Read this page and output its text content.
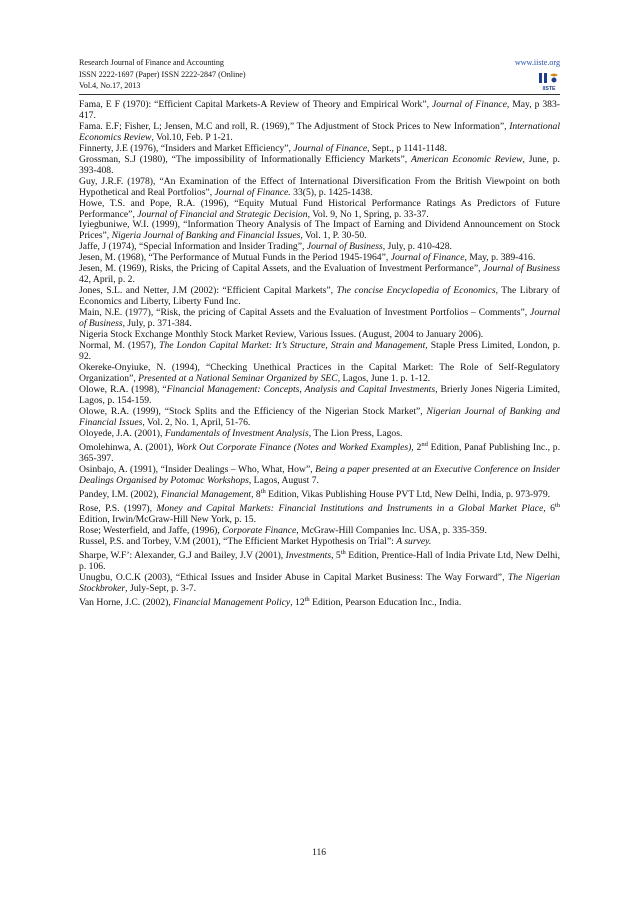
Research Journal of Finance and Accounting
ISSN 2222-1697 (Paper) ISSN 2222-2847 (Online)
Vol.4, No.17, 2013
www.iiste.org
IISTE

Fama, E F (1970): “Efficient Capital Markets-A Review of Theory and Empirical Work”, Journal of Finance, May, p 383-417.

Fama. E.F; Fisher, L; Jensen, M.C and roll, R. (1969),” The Adjustment of Stock Prices to New Information”, International Economics Review, Vol.10, Feb. P 1-21.

Finnerty, J.E (1976), “Insiders and Market Efficiency”, Journal of Finance, Sept., p 1141-1148.

Grossman, S.J (1980), “The impossibility of Informationally Efficiency Markets”, American Economic Review, June, p. 393-408.

Guy, J.R.F. (1978), “An Examination of the Effect of International Diversification From the British Viewpoint on both Hypothetical and Real Portfolios”, Journal of Finance. 33(5), p. 1425-1438.

Howe, T.S. and Pope, R.A. (1996), “Equity Mutual Fund Historical Performance Ratings As Predictors of Future Performance”, Journal of Financial and Strategic Decision, Vol. 9, No 1, Spring, p. 33-37.

Iyiegbuniwe, W.I. (1999), “Information Theory Analysis of The Impact of Earning and Dividend Announcement on Stock Prices”, Nigeria Journal of Banking and Financial Issues, Vol. 1, P. 30-50.

Jaffe, J (1974), “Special Information and Insider Trading”, Journal of Business, July, p. 410-428.

Jesen, M. (1968), “The Performance of Mutual Funds in the Period 1945-1964”, Journal of Finance, May, p. 389-416.

Jesen, M. (1969), Risks, the Pricing of Capital Assets, and the Evaluation of Investment Performance”, Journal of Business 42, April, p. 2.

Jones, S.L. and Netter, J.M (2002): “Efficient Capital Markets”, The concise Encyclopedia of Economics, The Library of Economics and Liberty, Liberty Fund Inc.

Main, N.E. (1977), “Risk, the pricing of Capital Assets and the Evaluation of Investment Portfolios – Comments”, Journal of Business, July, p. 371-384.

Nigeria Stock Exchange Monthly Stock Market Review, Various Issues. (August, 2004 to January 2006).

Normal, M. (1957), The London Capital Market: It’s Structure, Strain and Management, Staple Press Limited, London, p. 92.

Okereke-Onyiuke, N. (1994), “Checking Unethical Practices in the Capital Market: The Role of Self-Regulatory Organization”, Presented at a National Seminar Organized by SEC, Lagos, June 1. p. 1-12.

Olowe, R.A. (1998), “Financial Management: Concepts, Analysis and Capital Investments, Brierly Jones Nigeria Limited, Lagos, p. 154-159.

Olowe, R.A. (1999), “Stock Splits and the Efficiency of the Nigerian Stock Market”, Nigerian Journal of Banking and Financial Issues, Vol. 2, No. 1, April, 51-76.

Oloyede, J.A. (2001), Fundamentals of Investment Analysis, The Lion Press, Lagos.

Omolehinwa, A. (2001), Work Out Corporate Finance (Notes and Worked Examples), 2nd Edition, Panaf Publishing Inc., p. 365-397.

Osinbajo, A. (1991), “Insider Dealings – Who, What, How”, Being a paper presented at an Executive Conference on Insider Dealings Organised by Potomac Workshops, Lagos, August 7.

Pandey, I.M. (2002), Financial Management, 8th Edition, Vikas Publishing House PVT Ltd, New Delhi, India, p. 973-979.

Rose, P.S. (1997), Money and Capital Markets: Financial Institutions and Instruments in a Global Market Place, 6th Edition, Irwin/McGraw-Hill New York, p. 15.

Rose; Westerfield, and Jaffe, (1996), Corporate Finance, McGraw-Hill Companies Inc. USA, p. 335-359.

Russel, P.S. and Torbey, V.M (2001), “The Efficient Market Hypothesis on Trial”: A survey.

Sharpe, W.F’: Alexander, G.J and Bailey, J.V (2001), Investments, 5th Edition, Prentice-Hall of India Private Ltd, New Delhi, p. 106.

Unugbu, O.C.K (2003), “Ethical Issues and Insider Abuse in Capital Market Business: The Way Forward”, The Nigerian Stockbroker, July-Sept, p. 3-7.

Van Horne, J.C. (2002), Financial Management Policy, 12th Edition, Pearson Education Inc., India.

116
